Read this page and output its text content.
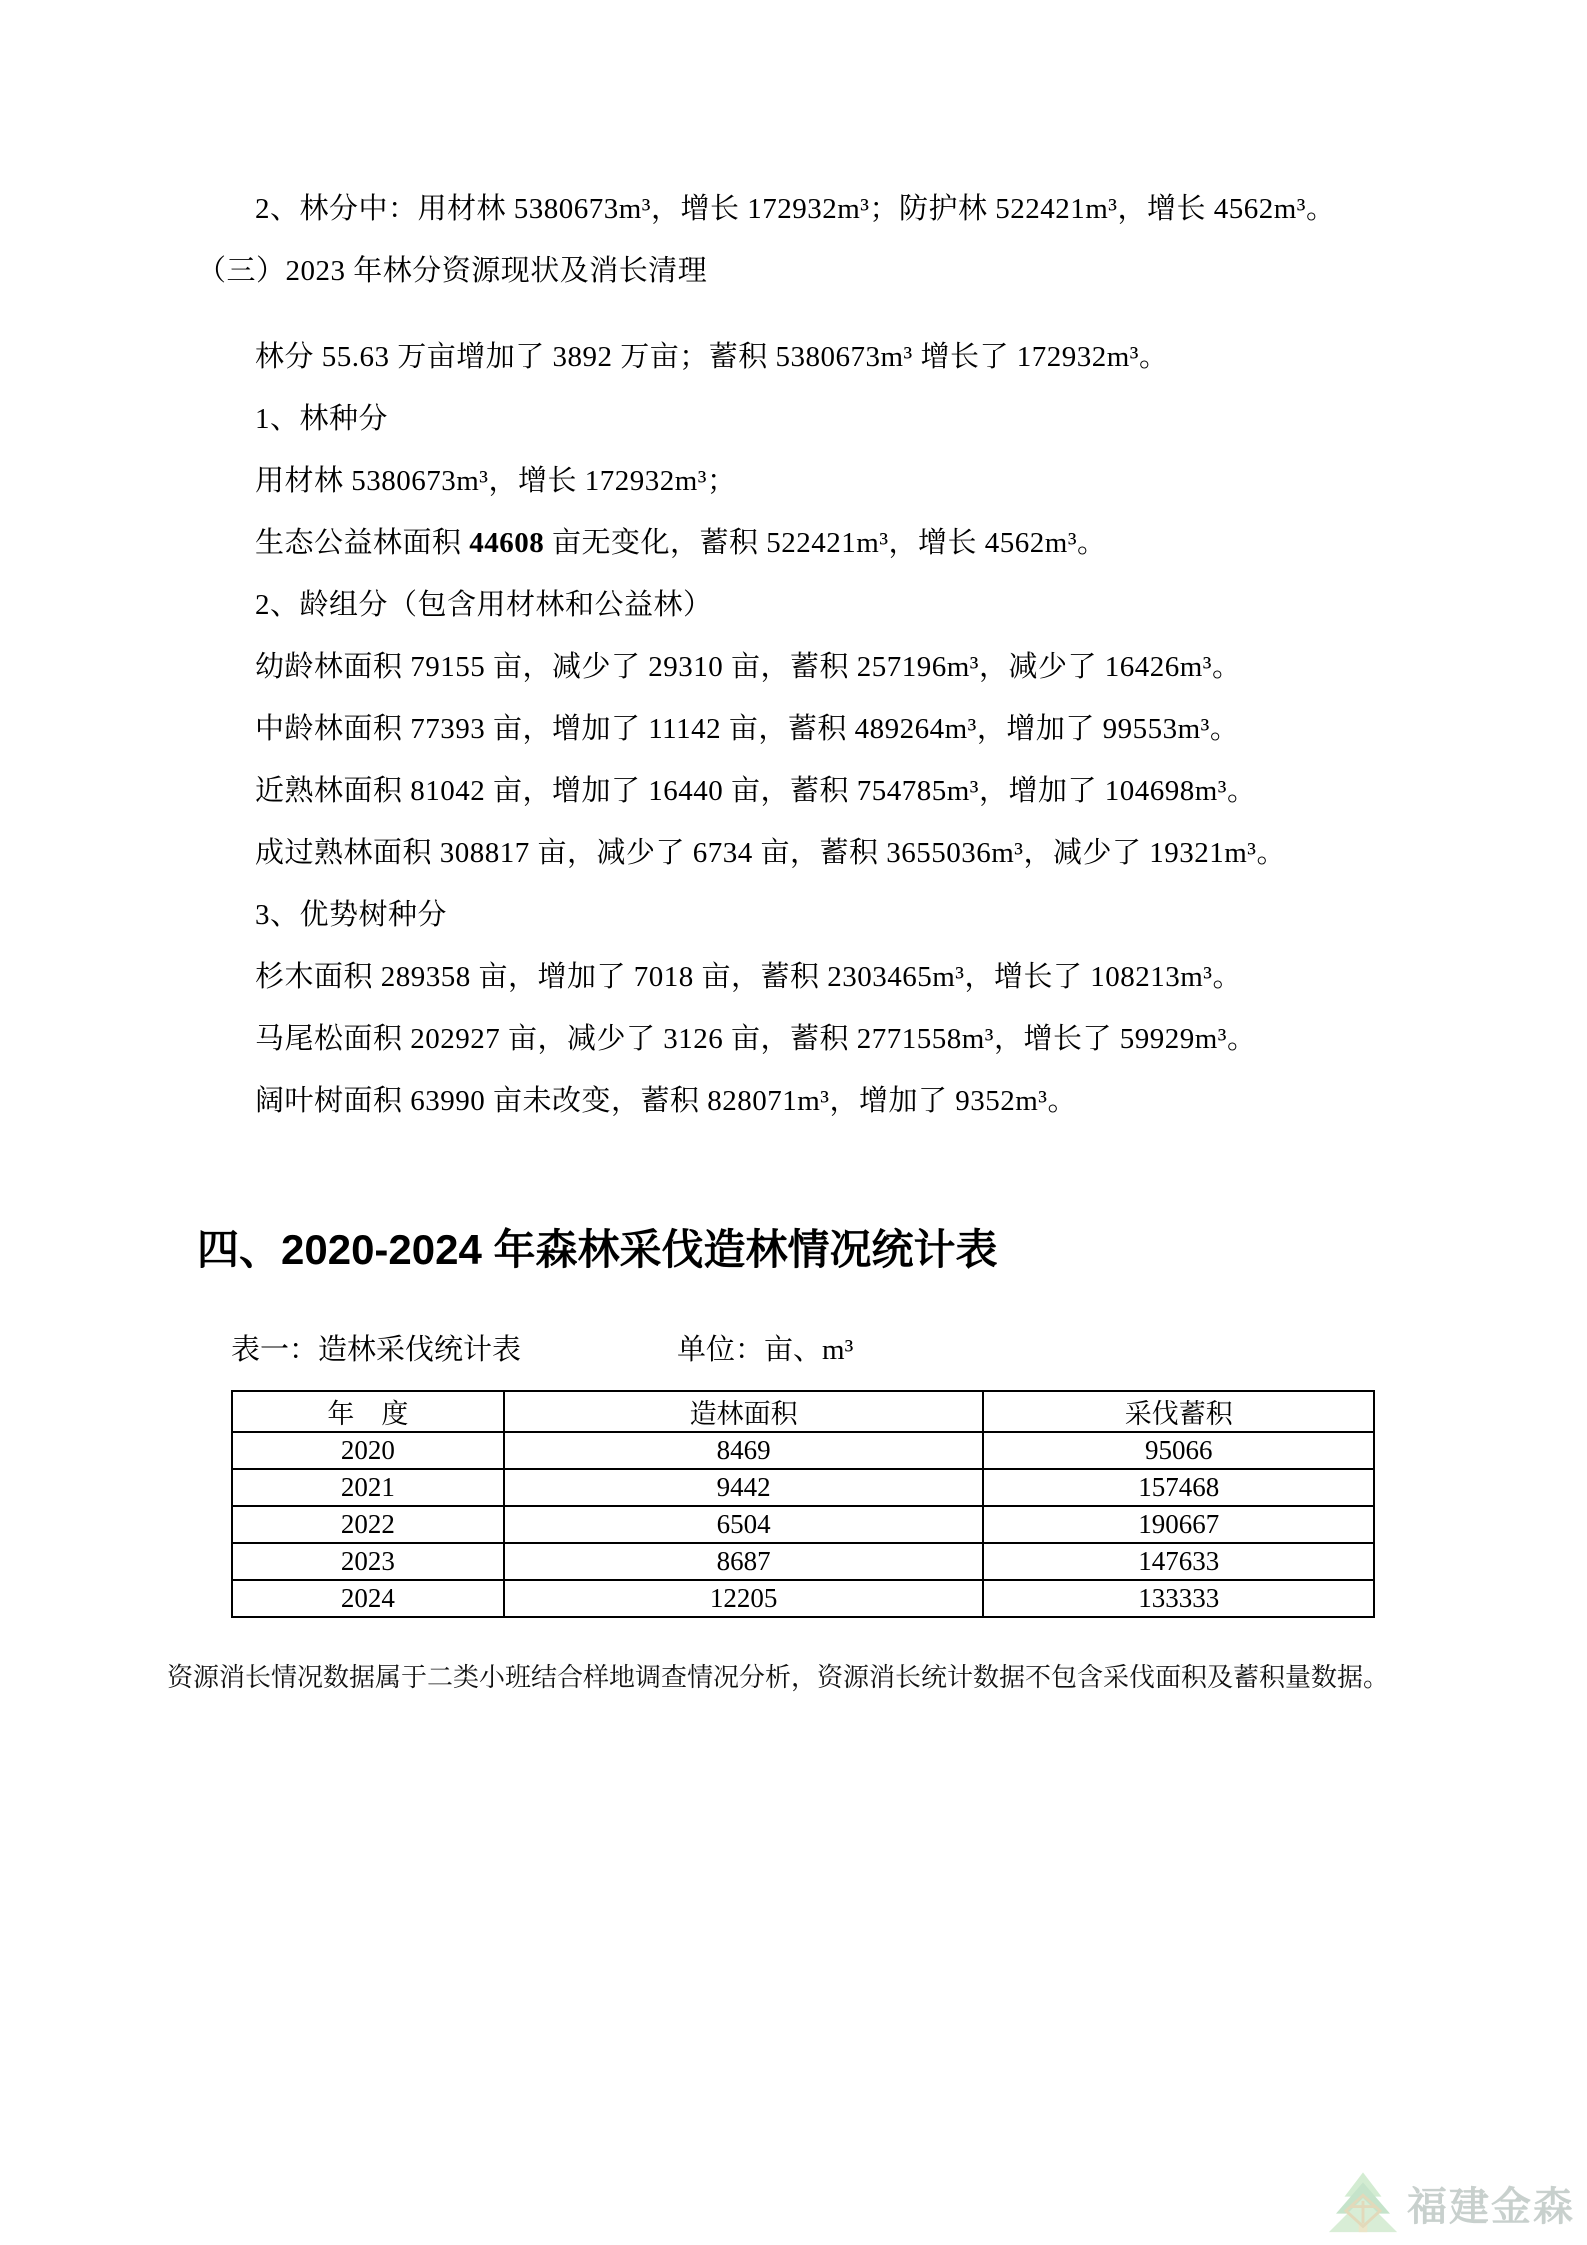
2、林分中：用材林 5380673m³，增长 172932m³；防护林 522421m³，增长 4562m³。

（三）2023 年林分资源现状及消长清理

林分 55.63 万亩增加了 3892 万亩；蓄积 5380673m³ 增长了 172932m³。

1、林种分

用材林 5380673m³，增长 172932m³；

生态公益林面积 44608 亩无变化，蓄积 522421m³，增长 4562m³。

2、龄组分（包含用材林和公益林）

幼龄林面积 79155 亩，减少了 29310 亩，蓄积 257196m³，减少了 16426m³。

中龄林面积 77393 亩，增加了 11142 亩，蓄积 489264m³，增加了 99553m³。

近熟林面积 81042 亩，增加了 16440 亩，蓄积 754785m³，增加了 104698m³。

成过熟林面积 308817 亩，减少了 6734 亩，蓄积 3655036m³，减少了 19321m³。

3、优势树种分

杉木面积 289358 亩，增加了 7018 亩，蓄积 2303465m³，增长了 108213m³。

马尾松面积 202927 亩，减少了 3126 亩，蓄积 2771558m³，增长了 59929m³。

阔叶树面积 63990 亩未改变，蓄积 828071m³，增加了 9352m³。

四、2020-2024 年森林采伐造林情况统计表
表一：造林采伐统计表	单位：亩、m³
年　度	造林面积	采伐蓄积
2020	8469	95066
2021	9442	157468
2022	6504	190667
2023	8687	147633
2024	12205	133333

资源消长情况数据属于二类小班结合样地调查情况分析，资源消长统计数据不包含采伐面积及蓄积量数据。

福建金森
